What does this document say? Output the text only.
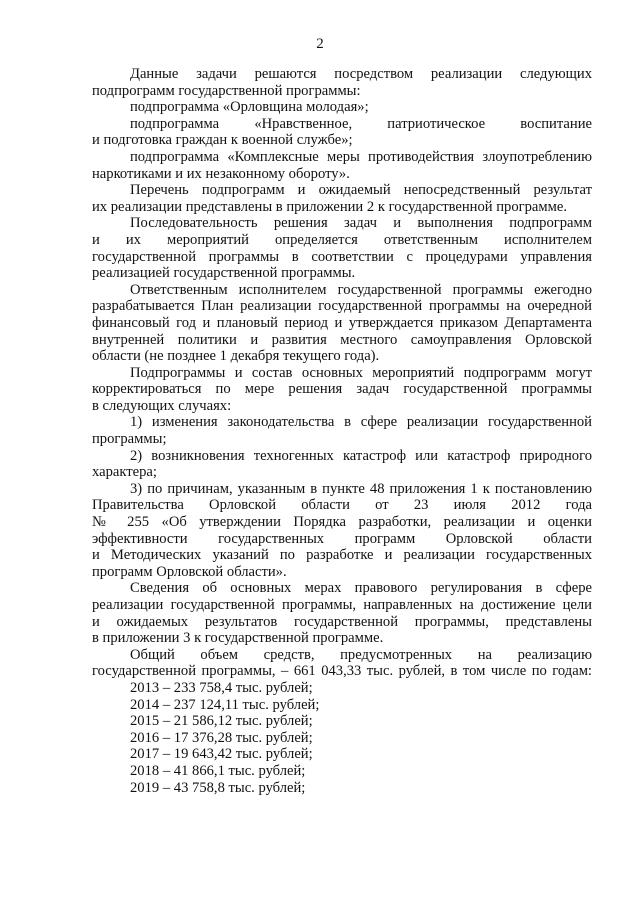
2

Данные задачи решаются посредством реализации следующих

подпрограмм государственной программы:

подпрограмма «Орловщина молодая»;

подпрограмма «Нравственное, патриотическое воспитание

и подготовка граждан к военной службе»;

подпрограмма «Комплексные меры противодействия злоупотреблению

наркотиками и их незаконному обороту».

Перечень подпрограмм и ожидаемый непосредственный результат

их реализации представлены в приложении 2 к государственной программе.

Последовательность решения задач и выполнения подпрограмм

и их мероприятий определяется ответственным исполнителем

государственной программы в соответствии с процедурами управления

реализацией государственной программы.

Ответственным исполнителем государственной программы ежегодно

разрабатывается План реализации государственной программы на очередной

финансовый год и плановый период и утверждается приказом Департамента

внутренней политики и развития местного самоуправления Орловской

области (не позднее 1 декабря текущего года).

Подпрограммы и состав основных мероприятий подпрограмм могут

корректироваться по мере решения задач государственной программы

в следующих случаях:

1) изменения законодательства в сфере реализации государственной

программы;

2) возникновения техногенных катастроф или катастроф природного

характера;

3) по причинам, указанным в пункте 48 приложения 1 к постановлению

Правительства Орловской области от 23 июля 2012 года

№ 255 «Об утверждении Порядка разработки, реализации и оценки

эффективности государственных программ Орловской области

и Методических указаний по разработке и реализации государственных

программ Орловской области».

Сведения об основных мерах правового регулирования в сфере

реализации государственной программы, направленных на достижение цели

и ожидаемых результатов государственной программы, представлены

в приложении 3 к государственной программе.

Общий объем средств, предусмотренных на реализацию

государственной программы, – 661 043,33 тыс. рублей, в том числе по годам:

2013 – 233 758,4 тыс. рублей;

2014 – 237 124,11 тыс. рублей;

2015 – 21 586,12 тыс. рублей;

2016 – 17 376,28 тыс. рублей;

2017 – 19 643,42 тыс. рублей;

2018 – 41 866,1 тыс. рублей;

2019 – 43 758,8 тыс. рублей;
